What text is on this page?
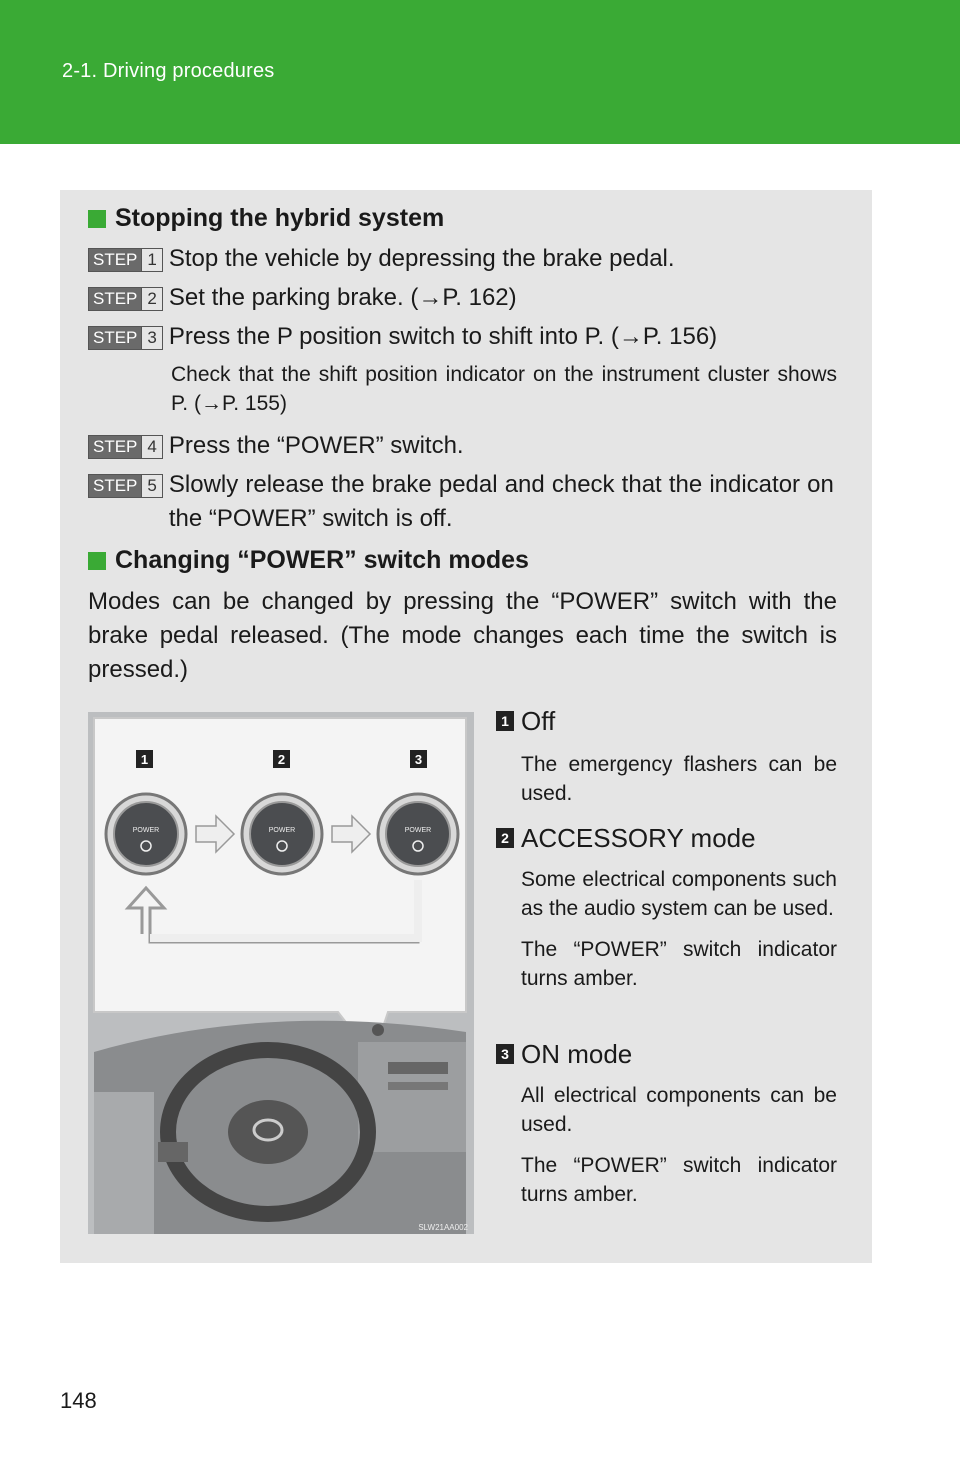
2-1. Driving procedures
Stopping the hybrid system
STEP 1 Stop the vehicle by depressing the brake pedal.
STEP 2 Set the parking brake. (→P. 162)
STEP 3 Press the P position switch to shift into P. (→P. 156)
Check that the shift position indicator on the instrument cluster shows P. (→P. 155)
STEP 4 Press the “POWER” switch.
STEP 5 Slowly release the brake pedal and check that the indicator on the “POWER” switch is off.
Changing “POWER” switch modes
Modes can be changed by pressing the “POWER” switch with the brake pedal released. (The mode changes each time the switch is pressed.)
1	2	3
POWER	POWER	POWER
SLW21AA002
1 Off
The emergency flashers can be used.
2 ACCESSORY mode
Some electrical components such as the audio system can be used.
The “POWER” switch indicator turns amber.
3 ON mode
All electrical components can be used.
The “POWER” switch indicator turns amber.
148
